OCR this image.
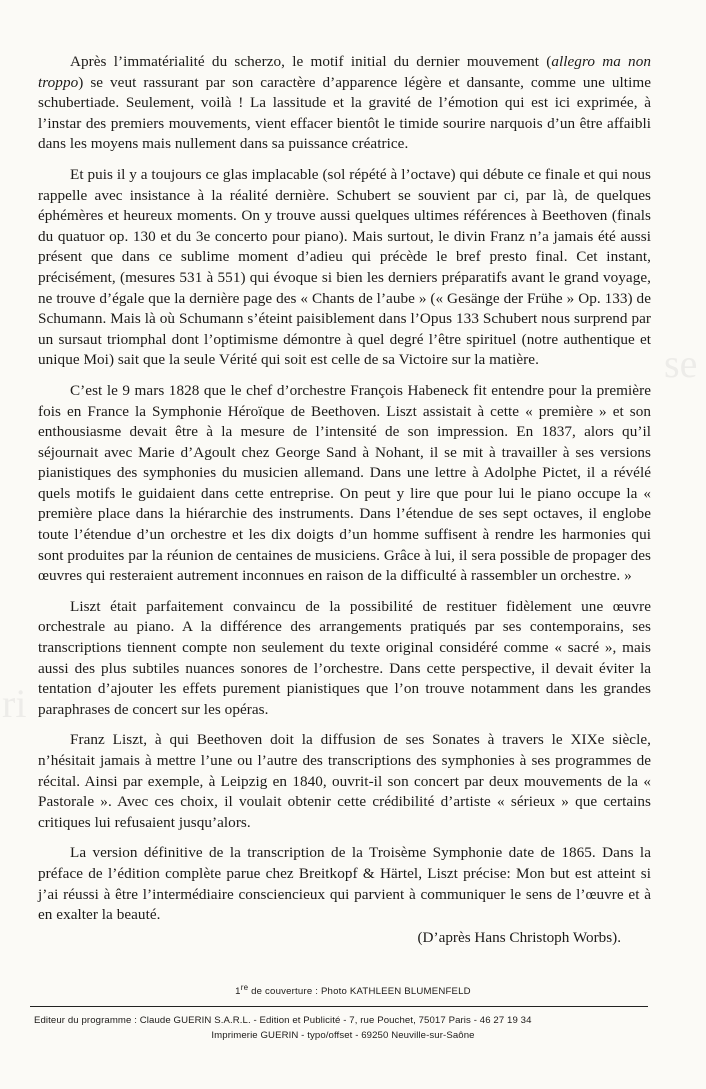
ri
se

Après l’immatérialité du scherzo, le motif initial du dernier mouvement (allegro ma non troppo) se veut rassurant par son caractère d’apparence légère et dansante, comme une ultime schubertiade. Seulement, voilà ! La lassitude et la gravité de l’émotion qui est ici exprimée, à l’instar des premiers mouvements, vient effacer bientôt le timide sourire narquois d’un être affaibli dans les moyens mais nullement dans sa puissance créatrice.

Et puis il y a toujours ce glas implacable (sol répété à l’octave) qui débute ce finale et qui nous rappelle avec insistance à la réalité dernière. Schubert se souvient par ci, par là, de quelques éphémères et heureux moments. On y trouve aussi quelques ultimes références à Beethoven (finals du quatuor op. 130 et du 3e concerto pour piano). Mais surtout, le divin Franz n’a jamais été aussi présent que dans ce sublime moment d’adieu qui précède le bref presto final. Cet instant, précisément, (mesures 531 à 551) qui évoque si bien les derniers préparatifs avant le grand voyage, ne trouve d’égale que la dernière page des « Chants de l’aube » (« Gesänge der Frühe » Op. 133) de Schumann. Mais là où Schumann s’éteint paisiblement dans l’Opus 133 Schubert nous surprend par un sursaut triomphal dont l’optimisme démontre à quel degré l’être spirituel (notre authentique et unique Moi) sait que la seule Vérité qui soit est celle de sa Victoire sur la matière.

C’est le 9 mars 1828 que le chef d’orchestre François Habeneck fit entendre pour la première fois en France la Symphonie Héroïque de Beethoven. Liszt assistait à cette « première » et son enthousiasme devait être à la mesure de l’intensité de son impression. En 1837, alors qu’il séjournait avec Marie d’Agoult chez George Sand à Nohant, il se mit à travailler à ses versions pianistiques des symphonies du musicien allemand. Dans une lettre à Adolphe Pictet, il a révélé quels motifs le guidaient dans cette entreprise. On peut y lire que pour lui le piano occupe la « première place dans la hiérarchie des instruments. Dans l’étendue de ses sept octaves, il englobe toute l’étendue d’un orchestre et les dix doigts d’un homme suffisent à rendre les harmonies qui sont produites par la réunion de centaines de musiciens. Grâce à lui, il sera possible de propager des œuvres qui resteraient autrement inconnues en raison de la difficulté à rassembler un orchestre. »

Liszt était parfaitement convaincu de la possibilité de restituer fidèlement une œuvre orchestrale au piano. A la différence des arrangements pratiqués par ses contemporains, ses transcriptions tiennent compte non seulement du texte original considéré comme « sacré », mais aussi des plus subtiles nuances sonores de l’orchestre. Dans cette perspective, il devait éviter la tentation d’ajouter les effets purement pianistiques que l’on trouve notamment dans les grandes paraphrases de concert sur les opéras.

Franz Liszt, à qui Beethoven doit la diffusion de ses Sonates à travers le XIXe siècle, n’hésitait jamais à mettre l’une ou l’autre des transcriptions des symphonies à ses programmes de récital. Ainsi par exemple, à Leipzig en 1840, ouvrit-il son concert par deux mouvements de la « Pastorale ». Avec ces choix, il voulait obtenir cette crédibilité d’artiste « sérieux » que certains critiques lui refusaient jusqu’alors.

La version définitive de la transcription de la Troisème Symphonie date de 1865. Dans la préface de l’édition complète parue chez Breitkopf & Härtel, Liszt précise: Mon but est atteint si j’ai réussi à être l’intermédiaire consciencieux qui parvient à communiquer le sens de l’œuvre et à en exalter la beauté.

(D’après Hans Christoph Worbs).

1re de couverture : Photo KATHLEEN BLUMENFELD
Editeur du programme : Claude GUERIN S.A.R.L. - Edition et Publicité - 7, rue Pouchet, 75017 Paris - 46 27 19 34
Imprimerie GUERIN - typo/offset - 69250 Neuville-sur-Saône
